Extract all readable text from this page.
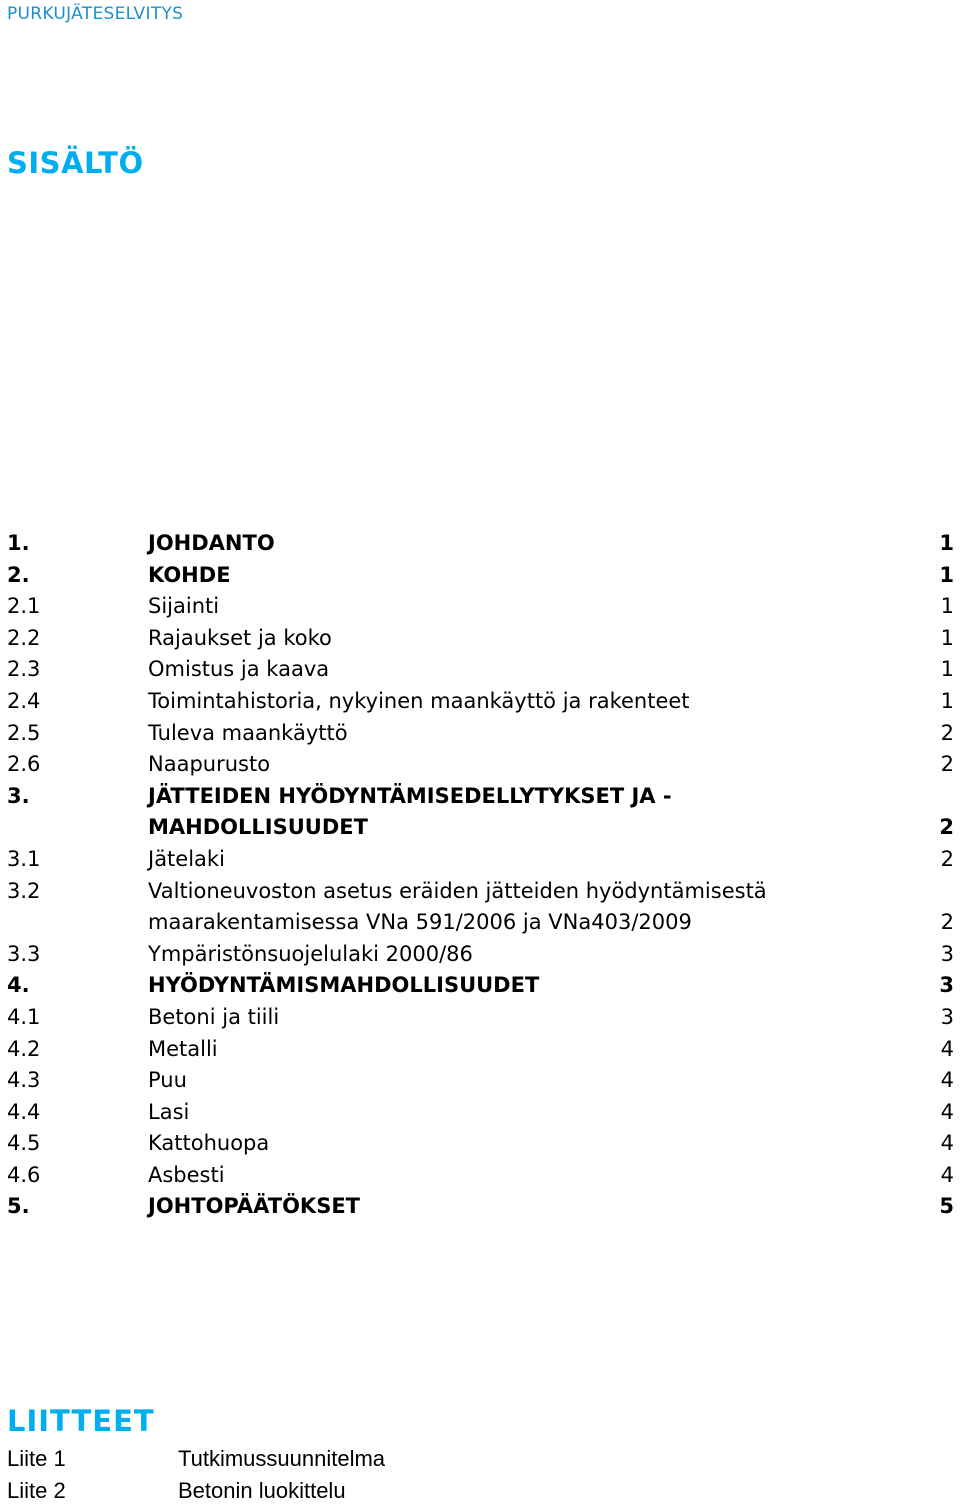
PURKUJÄTESELVITYS
SISÄLTÖ
1.	JOHDANTO	1
2.	KOHDE	1
2.1	Sijainti	1
2.2	Rajaukset ja koko	1
2.3	Omistus ja kaava	1
2.4	Toimintahistoria, nykyinen maankäyttö ja rakenteet	1
2.5	Tuleva maankäyttö	2
2.6	Naapurusto	2
3.	JÄTTEIDEN HYÖDYNTÄMISEDELLYTYKSET JA -
MAHDOLLISUUDET	2
3.1	Jätelaki	2
3.2	Valtioneuvoston asetus eräiden jätteiden hyödyntämisestä
maarakentamisessa VNa 591/2006 ja VNa403/2009	2
3.3	Ympäristönsuojelulaki 2000/86	3
4.	HYÖDYNTÄMISMAHDOLLISUUDET	3
4.1	Betoni ja tiili	3
4.2	Metalli	4
4.3	Puu	4
4.4	Lasi	4
4.5	Kattohuopa	4
4.6	Asbesti	4
5.	JOHTOPÄÄTÖKSET	5
LIITTEET
Liite 1	Tutkimussuunnitelma
Liite 2	Betonin luokittelu
